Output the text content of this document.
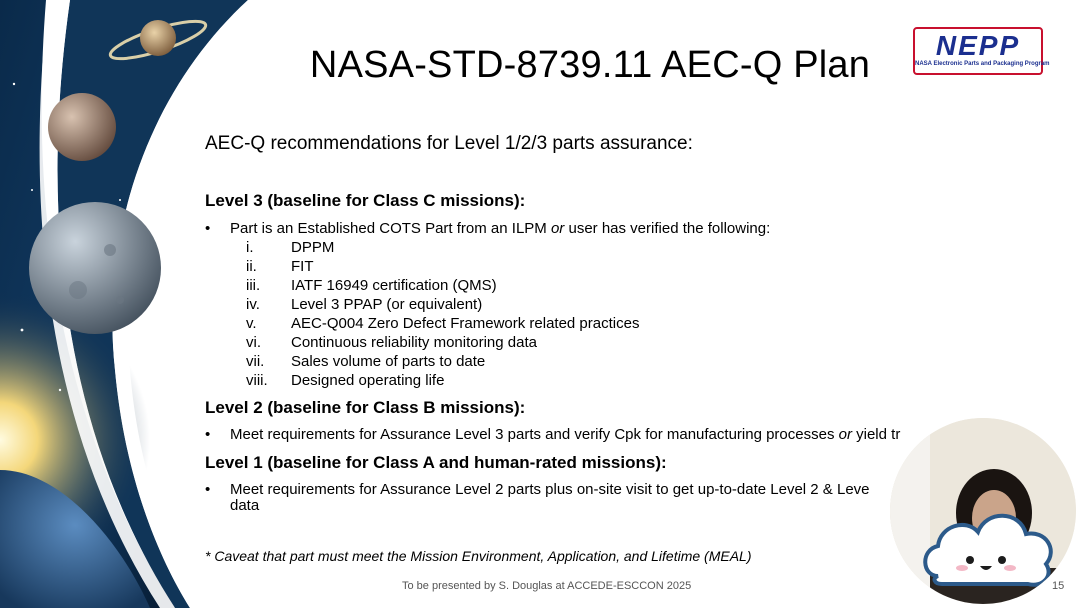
NASA-STD-8739.11 AEC-Q Plan	NEPP
NASA Electronic Parts and Packaging Program
AEC-Q recommendations for Level 1/2/3 parts assurance:
Level 3 (baseline for Class C missions):
• Part is an Established COTS Part from an ILPM or user has verified the following:
i.	DPPM
ii. FIT
iii. IATF 16949 certification (QMS)
iv. Level 3 PPAP (or equivalent)
v. AEC-Q004 Zero Defect Framework related practices
vi. Continuous reliability monitoring data
vii. Sales volume of parts to date
viii. Designed operating life
Level 2 (baseline for Class B missions):
• Meet requirements for Assurance Level 3 parts and verify Cpk for manufacturing processes or yield tr
Level 1 (baseline for Class A and human-rated missions):
• Meet requirements for Assurance Level 2 parts plus on-site visit to get up-to-date Level 2 & Leve
data
* Caveat that part must meet the Mission Environment, Application, and Lifetime (MEAL)
To be presented by S. Douglas at ACCEDE-ESCCON 2025	15
